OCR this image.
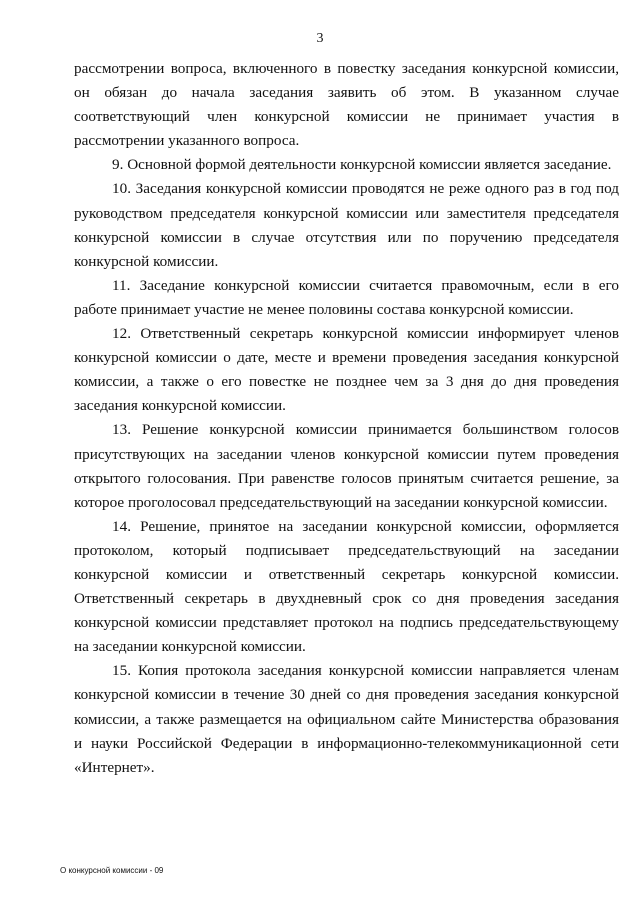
3

рассмотрении вопроса, включенного в повестку заседания конкурсной комиссии, он обязан до начала заседания заявить об этом. В указанном случае соответствующий член конкурсной комиссии не принимает участия в рассмотрении указанного вопроса.

9. Основной формой деятельности конкурсной комиссии является заседание.

10. Заседания конкурсной комиссии проводятся не реже одного раз в год под руководством председателя конкурсной комиссии или заместителя председателя конкурсной комиссии в случае отсутствия или по поручению председателя конкурсной комиссии.

11. Заседание конкурсной комиссии считается правомочным, если в его работе принимает участие не менее половины состава конкурсной комиссии.

12. Ответственный секретарь конкурсной комиссии информирует членов конкурсной комиссии о дате, месте и времени проведения заседания конкурсной комиссии, а также о его повестке не позднее чем за 3 дня до дня проведения заседания конкурсной комиссии.

13. Решение конкурсной комиссии принимается большинством голосов присутствующих на заседании членов конкурсной комиссии путем проведения открытого голосования. При равенстве голосов принятым считается решение, за которое проголосовал председательствующий на заседании конкурсной комиссии.

14. Решение, принятое на заседании конкурсной комиссии, оформляется протоколом, который подписывает председательствующий на заседании конкурсной комиссии и ответственный секретарь конкурсной комиссии. Ответственный секретарь в двухдневный срок со дня проведения заседания конкурсной комиссии представляет протокол на подпись председательствующему на заседании конкурсной комиссии.

15. Копия протокола заседания конкурсной комиссии направляется членам конкурсной комиссии в течение 30 дней со дня проведения заседания конкурсной комиссии, а также размещается на официальном сайте Министерства образования и науки Российской Федерации в информационно-телекоммуникационной сети «Интернет».

О конкурсной комиссии - 09
